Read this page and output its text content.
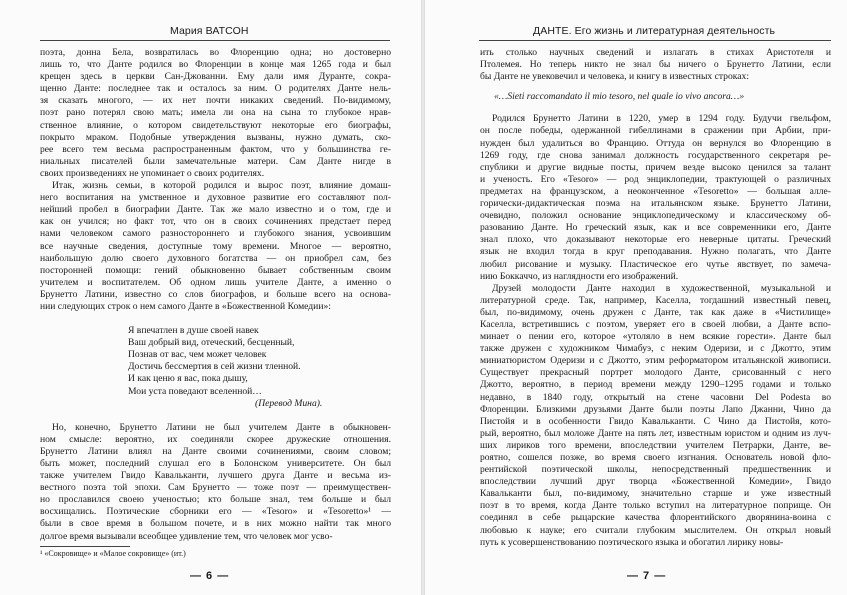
Мария ВАТСОН
поэта, донна Бела, возвратилась во Флоренцию одна; но достоверно
лишь то, что Данте родился во Флоренции в конце мая 1265 года и был
крещен здесь в церкви Сан-Джованни. Ему дали имя Дуранте, сокра-
щенно Данте: последнее так и осталось за ним. О родителях Данте нель-
зя сказать многого, — их нет почти никаких сведений. По-видимому,
поэт рано потерял свою мать; имела ли она на сына то глубокое нрав-
ственное влияние, о котором свидетельствуют некоторые его биографы,
покрыто мраком. Подобные утверждения вызваны, нужно думать, ско-
рее всего тем весьма распространенным фактом, что у большинства ге-
ниальных писателей были замечательные матери. Сам Данте нигде в
своих произведениях не упоминает о своих родителях.
Итак, жизнь семьи, в которой родился и вырос поэт, влияние домаш-
него воспитания на умственное и духовное развитие его составляют пол-
нейший пробел в биографии Данте. Так же мало известно и о том, где и
как он учился; но факт тот, что он в своих сочинениях предстает перед
нами человеком самого разностороннего и глубокого знания, усвоившим
все научные сведения, доступные тому времени. Многое — вероятно,
наибольшую долю своего духовного богатства — он приобрел сам, без
посторонней помощи: гений обыкновенно бывает собственным своим
учителем и воспитателем. Об одном лишь учителе Данте, а именно о
Брунетто Латини, известно со слов биографов, и больше всего на основа-
нии следующих строк о нем самого Данте в «Божественной Комедии»:
Я впечатлен в душе своей навек
Ваш добрый вид, отеческий, бесценный,
Познав от вас, чем может человек
Достичь бессмертия в сей жизни тленной.
И как ценю я вас, пока дышу,
Мои уста поведают вселенной…
(Перевод Мина).
Но, конечно, Брунетто Латини не был учителем Данте в обыкновен-
ном смысле: вероятно, их соединяли скорее дружеские отношения.
Брунетто Латини влиял на Данте своими сочинениями, своим словом;
быть может, последний слушал его в Болонском университете. Он был
также учителем Гвидо Кавальканти, лучшего друга Данте и весьма из-
вестного поэта той эпохи. Сам Брунетто — тоже поэт — преимуществен-
но прославился своею ученостью; кто больше знал, тем больше и был
восхищались. Поэтические сборники его — «Tesoro» и «Tesoretto»¹ —
были в свое время в большом почете, и в них можно найти так много
долгое время вызывали всеобщее удивление тем, что человек мог усво-
¹ «Сокровище» и «Малое сокровище» (ит.)
— 6 —
ДАНТЕ. Его жизнь и литературная деятельность
ить столько научных сведений и излагать в стихах Аристотеля и
Птолемея. Но теперь никто не знал бы ничего о Брунетто Латини, если
бы Данте не увековечил и человека, и книгу в известных строках:
«…Sieti raccomandato il mio tesoro, nel quale io vivo ancora…»
Родился Брунетто Латини в 1220, умер в 1294 году. Будучи гвельфом,
он после победы, одержанной гибеллинами в сражении при Арбии, при-
нужден был удалиться во Францию. Оттуда он вернулся во Флоренцию в
1269 году, где снова занимал должность государственного секретаря ре-
спублики и другие видные посты, причем везде высоко ценился за талант
и ученость. Его «Tesoro» — род энциклопедии, трактующей о различных
предметах на французском, а неоконченное «Tesoretto» — большая алле-
горически-дидактическая поэма на итальянском языке. Брунетто Латини,
очевидно, положил основание энциклопедическому и классическому об-
разованию Данте. Но греческий язык, как и все современники его, Данте
знал плохо, что доказывают некоторые его неверные цитаты. Греческий
язык не входил тогда в круг преподавания. Нужно полагать, что Данте
любил рисование и музыку. Пластическое его чутье явствует, по замеча-
нию Боккаччо, из наглядности его изображений.
Друзей молодости Данте находил в художественной, музыкальной и
литературной среде. Так, например, Каселла, тогдашний известный певец,
был, по-видимому, очень дружен с Данте, так как даже в «Чистилище»
Каселла, встретившись с поэтом, уверяет его в своей любви, а Данте вспо-
минает о пении его, которое «утоляло в нем всякие горести». Данте был
также дружен с художником Чимабуэ, с неким Одеризи, и с Джотто, этим
миниатюристом Одеризи и с Джотто, этим реформатором итальянской живописи.
Существует прекрасный портрет молодого Данте, срисованный с него
Джотто, вероятно, в период времени между 1290–1295 годами и только
недавно, в 1840 году, открытый на стене часовни Del Podesta во
Флоренции. Близкими друзьями Данте были поэты Лапо Джанни, Чино да
Пистойя и в особенности Гвидо Кавальканти. С Чино да Пистойя, кото-
рый, вероятно, был моложе Данте на пять лет, известным юристом и одним из луч-
ших лириков того времени, впоследствии учителем Петрарки, Данте, ве-
роятно, сошелся позже, во время своего изгнания. Основатель новой фло-
рентийской поэтической школы, непосредственный предшественник и
впоследствии лучший друг творца «Божественной Комедии», Гвидо
Кавальканти был, по-видимому, значительно старше и уже известный
поэт в то время, когда Данте только вступил на литературное поприще. Он
соединял в себе рыцарские качества флорентийского дворянина-воина с
любовью к науке; его считали глубоким мыслителем. Он открыл новый
путь к усовершенствованию поэтического языка и обогатил лирику новы-
— 7 —
